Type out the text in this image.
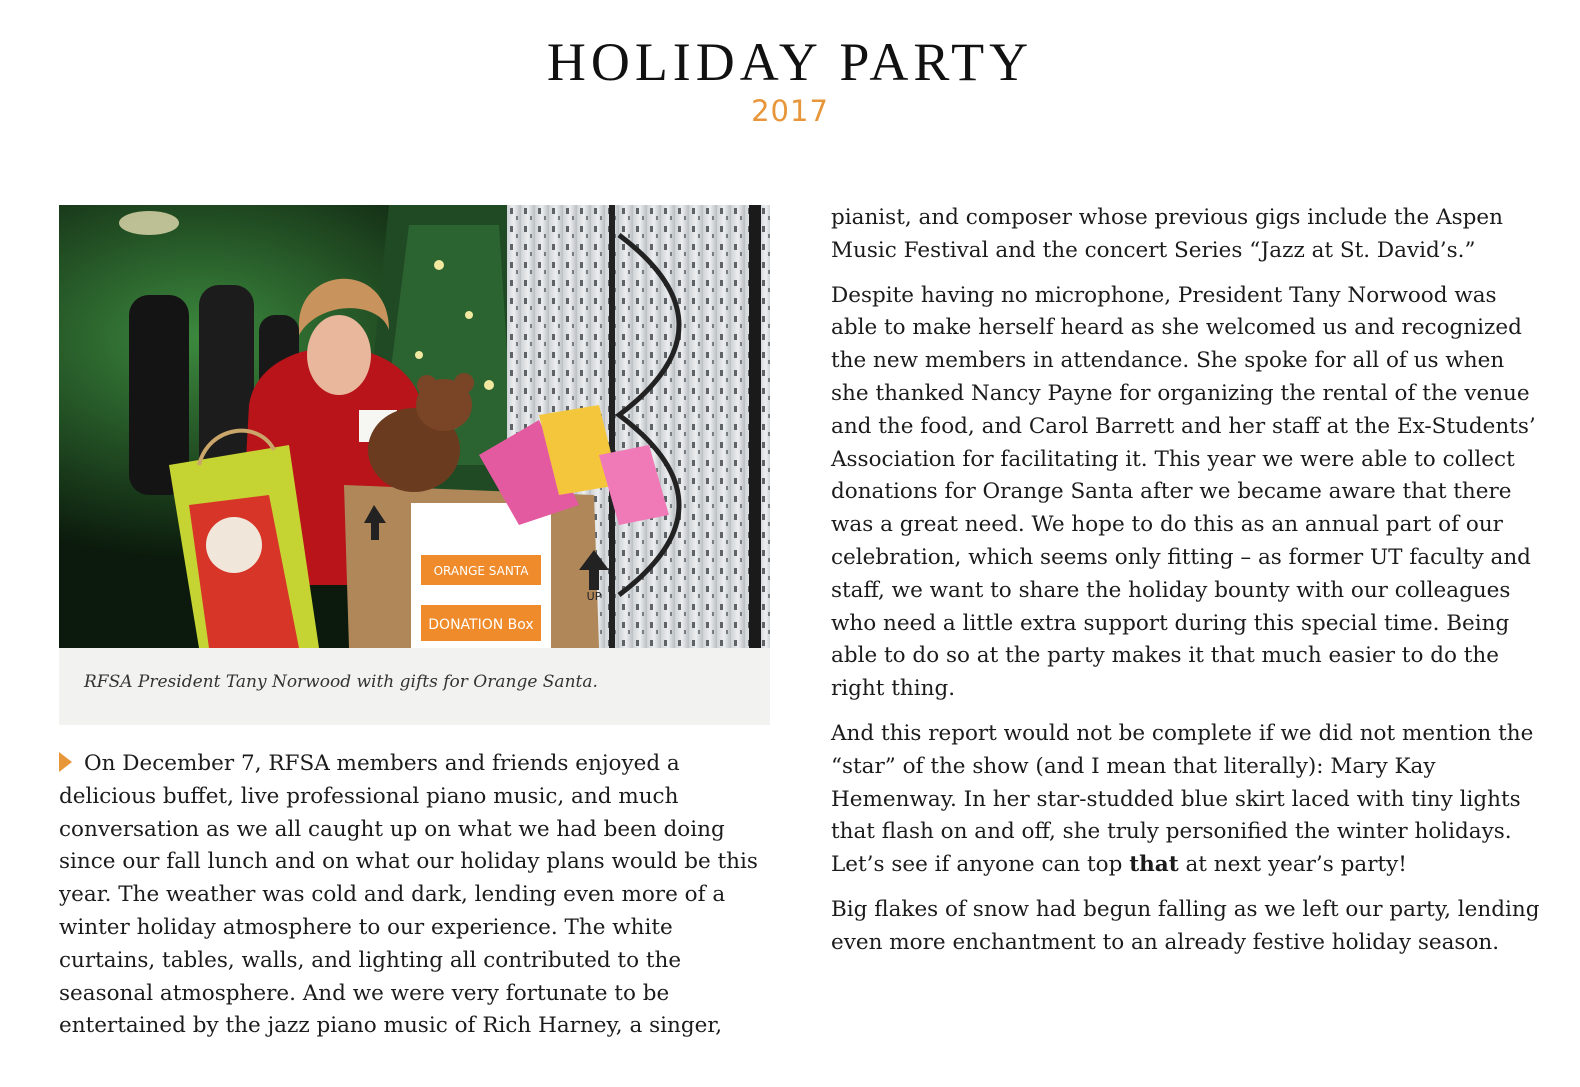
HOLIDAY PARTY
2017
ORANGE SANTA
DONATION Box
UP
RFSA President Tany Norwood with gifts for Orange Santa.

On December 7, RFSA members and friends enjoyed a delicious buffet, live professional piano music, and much conversation as we all caught up on what we had been doing since our fall lunch and on what our holiday plans would be this year. The weather was cold and dark, lending even more of a winter holiday atmosphere to our experience. The white curtains, tables, walls, and lighting all contributed to the seasonal atmosphere. And we were very fortunate to be entertained by the jazz piano music of Rich Harney, a singer,

pianist, and composer whose previous gigs include the Aspen Music Festival and the concert Series “Jazz at St. David’s.”

Despite having no microphone, President Tany Norwood was able to make herself heard as she welcomed us and recognized the new members in attendance. She spoke for all of us when she thanked Nancy Payne for organizing the rental of the venue and the food, and Carol Barrett and her staff at the Ex-Students’ Association for facilitating it. This year we were able to collect donations for Orange Santa after we became aware that there was a great need. We hope to do this as an annual part of our celebration, which seems only fitting – as former UT faculty and staff, we want to share the holiday bounty with our colleagues who need a little extra support during this special time. Being able to do so at the party makes it that much easier to do the right thing.

And this report would not be complete if we did not mention the “star” of the show (and I mean that literally): Mary Kay Hemenway. In her star-studded blue skirt laced with tiny lights that flash on and off, she truly personified the winter holidays. Let’s see if anyone can top that at next year’s party!

Big flakes of snow had begun falling as we left our party, lending even more enchantment to an already festive holiday season.
